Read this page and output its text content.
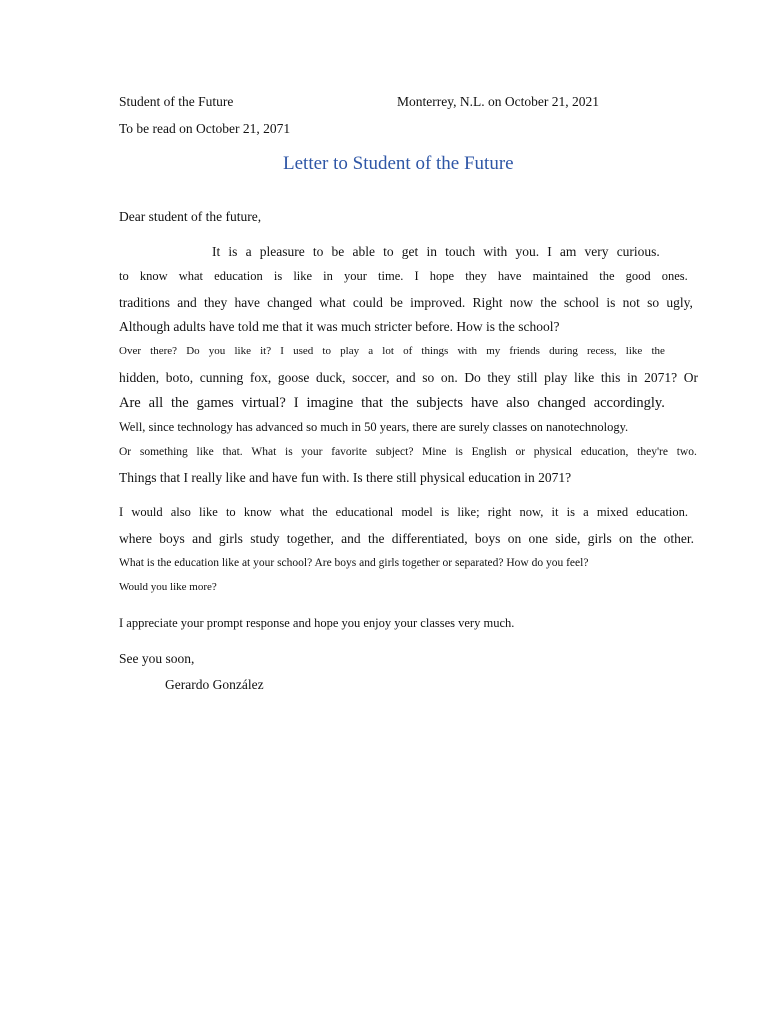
Student of the Future	Monterrey, N.L. on October 21, 2021
To be read on October 21, 2071
Letter to Student of the Future
Dear student of the future,
It is a pleasure to be able to get in touch with you. I am very curious.
to know what education is like in your time. I hope they have maintained the good ones.
traditions and they have changed what could be improved. Right now the school is not so ugly,
Although adults have told me that it was much stricter before. How is the school?
Over there? Do you like it? I used to play a lot of things with my friends during recess, like the
hidden, boto, cunning fox, goose duck, soccer, and so on. Do they still play like this in 2071? Or
Are all the games virtual? I imagine that the subjects have also changed accordingly.
Well, since technology has advanced so much in 50 years, there are surely classes on nanotechnology.
Or something like that. What is your favorite subject? Mine is English or physical education, they're two.
Things that I really like and have fun with. Is there still physical education in 2071?
I would also like to know what the educational model is like; right now, it is a mixed education.
where boys and girls study together, and the differentiated, boys on one side, girls on the other.
What is the education like at your school? Are boys and girls together or separated? How do you feel?
Would you like more?
I appreciate your prompt response and hope you enjoy your classes very much.
See you soon,
Gerardo González
